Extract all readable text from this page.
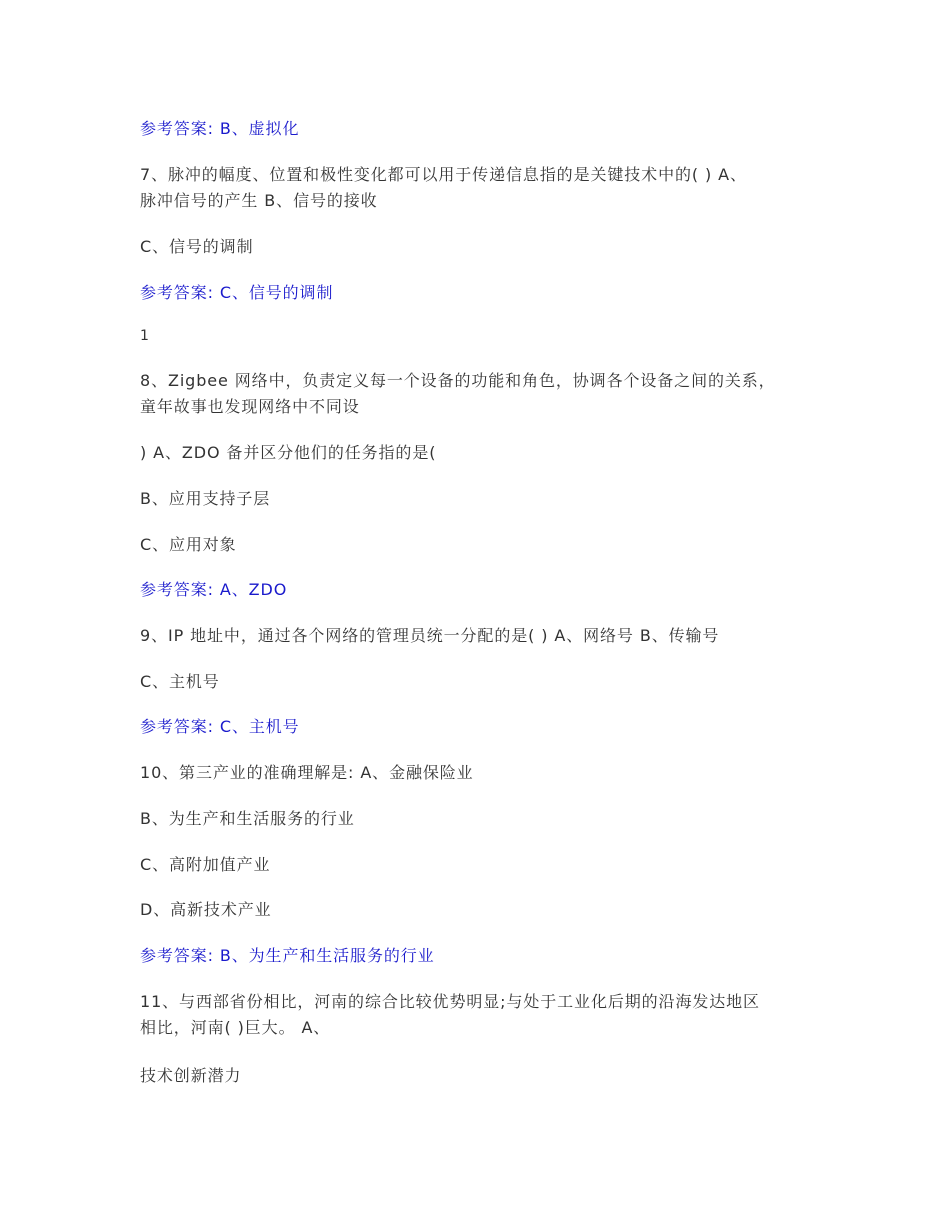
参考答案: B、虚拟化
7、脉冲的幅度、位置和极性变化都可以用于传递信息指的是关键技术中的( ) A、
脉冲信号的产生 B、信号的接收
C、信号的调制
参考答案: C、信号的调制
1
8、Zigbee 网络中，负责定义每一个设备的功能和角色，协调各个设备之间的关系，
童年故事也发现网络中不同设
) A、ZDO 备并区分他们的任务指的是(
B、应用支持子层
C、应用对象
参考答案: A、ZDO
9、IP 地址中，通过各个网络的管理员统一分配的是( ) A、网络号 B、传输号
C、主机号
参考答案: C、主机号
10、第三产业的准确理解是: A、金融保险业
B、为生产和生活服务的行业
C、高附加值产业
D、高新技术产业
参考答案: B、为生产和生活服务的行业
11、与西部省份相比，河南的综合比较优势明显;与处于工业化后期的沿海发达地区
相比，河南( )巨大。 A、
技术创新潜力
